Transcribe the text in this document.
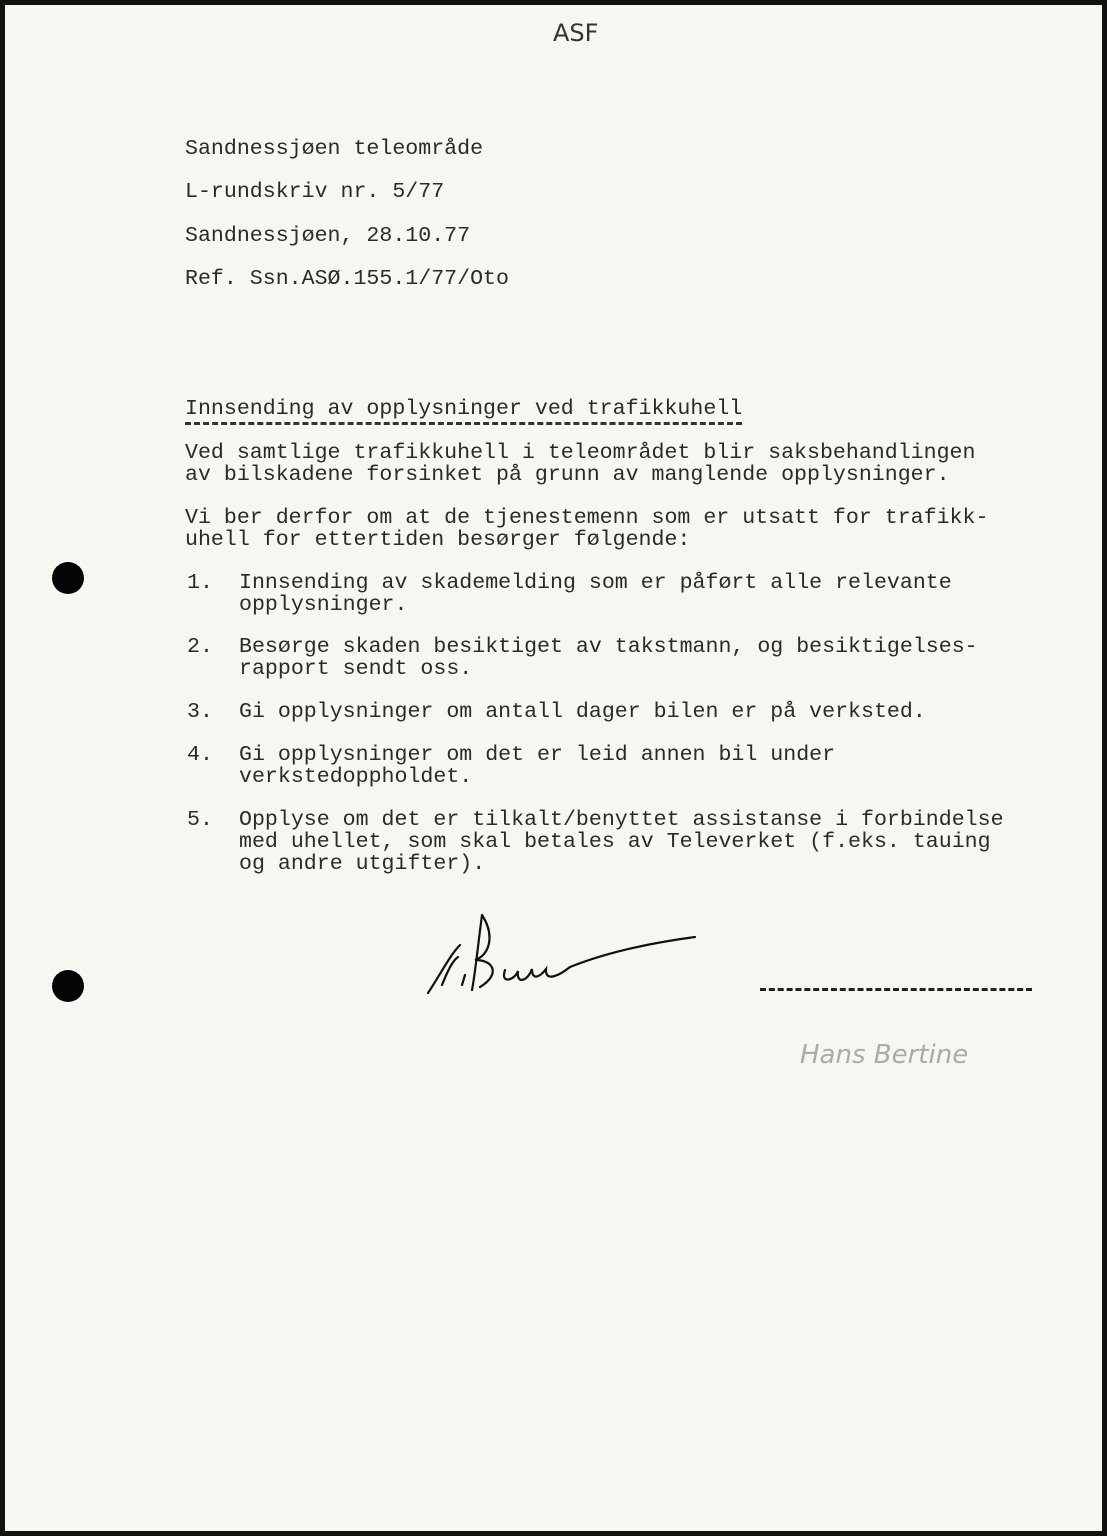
ASF
Sandnessjøen teleområde
L-rundskriv nr. 5/77
Sandnessjøen, 28.10.77
Ref. Ssn.ASØ.155.1/77/Oto
Innsending av opplysninger ved trafikkuhell
Ved samtlige trafikkuhell i teleområdet blir saksbehandlingen
av bilskadene forsinket på grunn av manglende opplysninger.
Vi ber derfor om at de tjenestemenn som er utsatt for trafikk-
uhell for ettertiden besørger følgende:
1. Innsending av skademelding som er påført alle relevante
opplysninger.
2. Besørge skaden besiktiget av takstmann, og besiktigelses-
rapport sendt oss.
3. Gi opplysninger om antall dager bilen er på verksted.
4. Gi opplysninger om det er leid annen bil under
verkstedoppholdet.
5. Opplyse om det er tilkalt/benyttet assistanse i forbindelse
med uhellet, som skal betales av Televerket (f.eks. tauing
og andre utgifter).
Hans Bertine
